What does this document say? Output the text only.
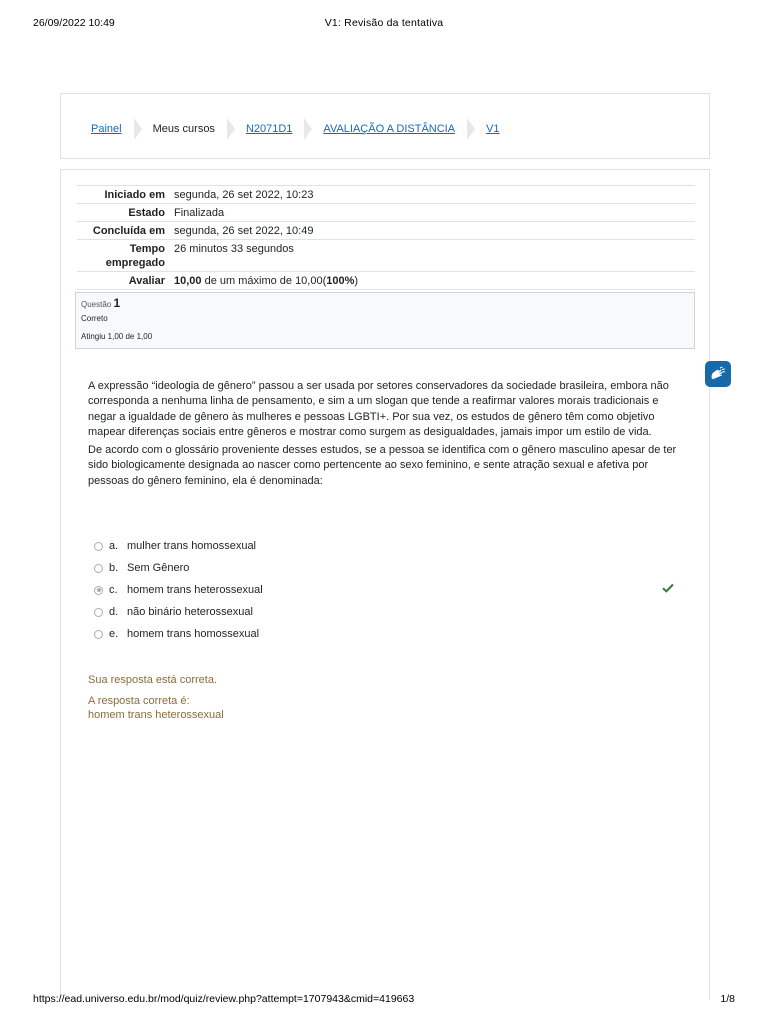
26/09/2022 10:49	V1: Revisão da tentativa
Painel	Meus cursos	N2071D1	AVALIAÇÃO A DISTÂNCIA	V1
Iniciado em segunda, 26 set 2022, 10:23
Estado Finalizada
Concluída em segunda, 26 set 2022, 10:49
Tempo
empregado
26 minutos 33 segundos
Avaliar 10,00 de um máximo de 10,00(100%)
Questão 1
Correto
Atingiu 1,00 de 1,00

A expressão “ideologia de gênero” passou a ser usada por setores conservadores da sociedade brasileira, embora não corresponda a nenhuma linha de pensamento, e sim a um slogan que tende a reafirmar valores morais tradicionais e negar a igualdade de gênero às mulheres e pessoas LGBTI+. Por sua vez, os estudos de gênero têm como objetivo mapear diferenças sociais entre gêneros e mostrar como surgem as desigualdades, jamais impor um estilo de vida.

De acordo com o glossário proveniente desses estudos, se a pessoa se identifica com o gênero masculino apesar de ter sido biologicamente designada ao nascer como pertencente ao sexo feminino, e sente atração sexual e afetiva por pessoas do gênero feminino, ela é denominada:

a. mulher trans homossexual
b. Sem Gênero
c. homem trans heterossexual
d. não binário heterossexual
e. homem trans homossexual
Sua resposta está correta.
A resposta correta é:
homem trans heterossexual
https://ead.universo.edu.br/mod/quiz/review.php?attempt=1707943&cmid=419663	1/8
